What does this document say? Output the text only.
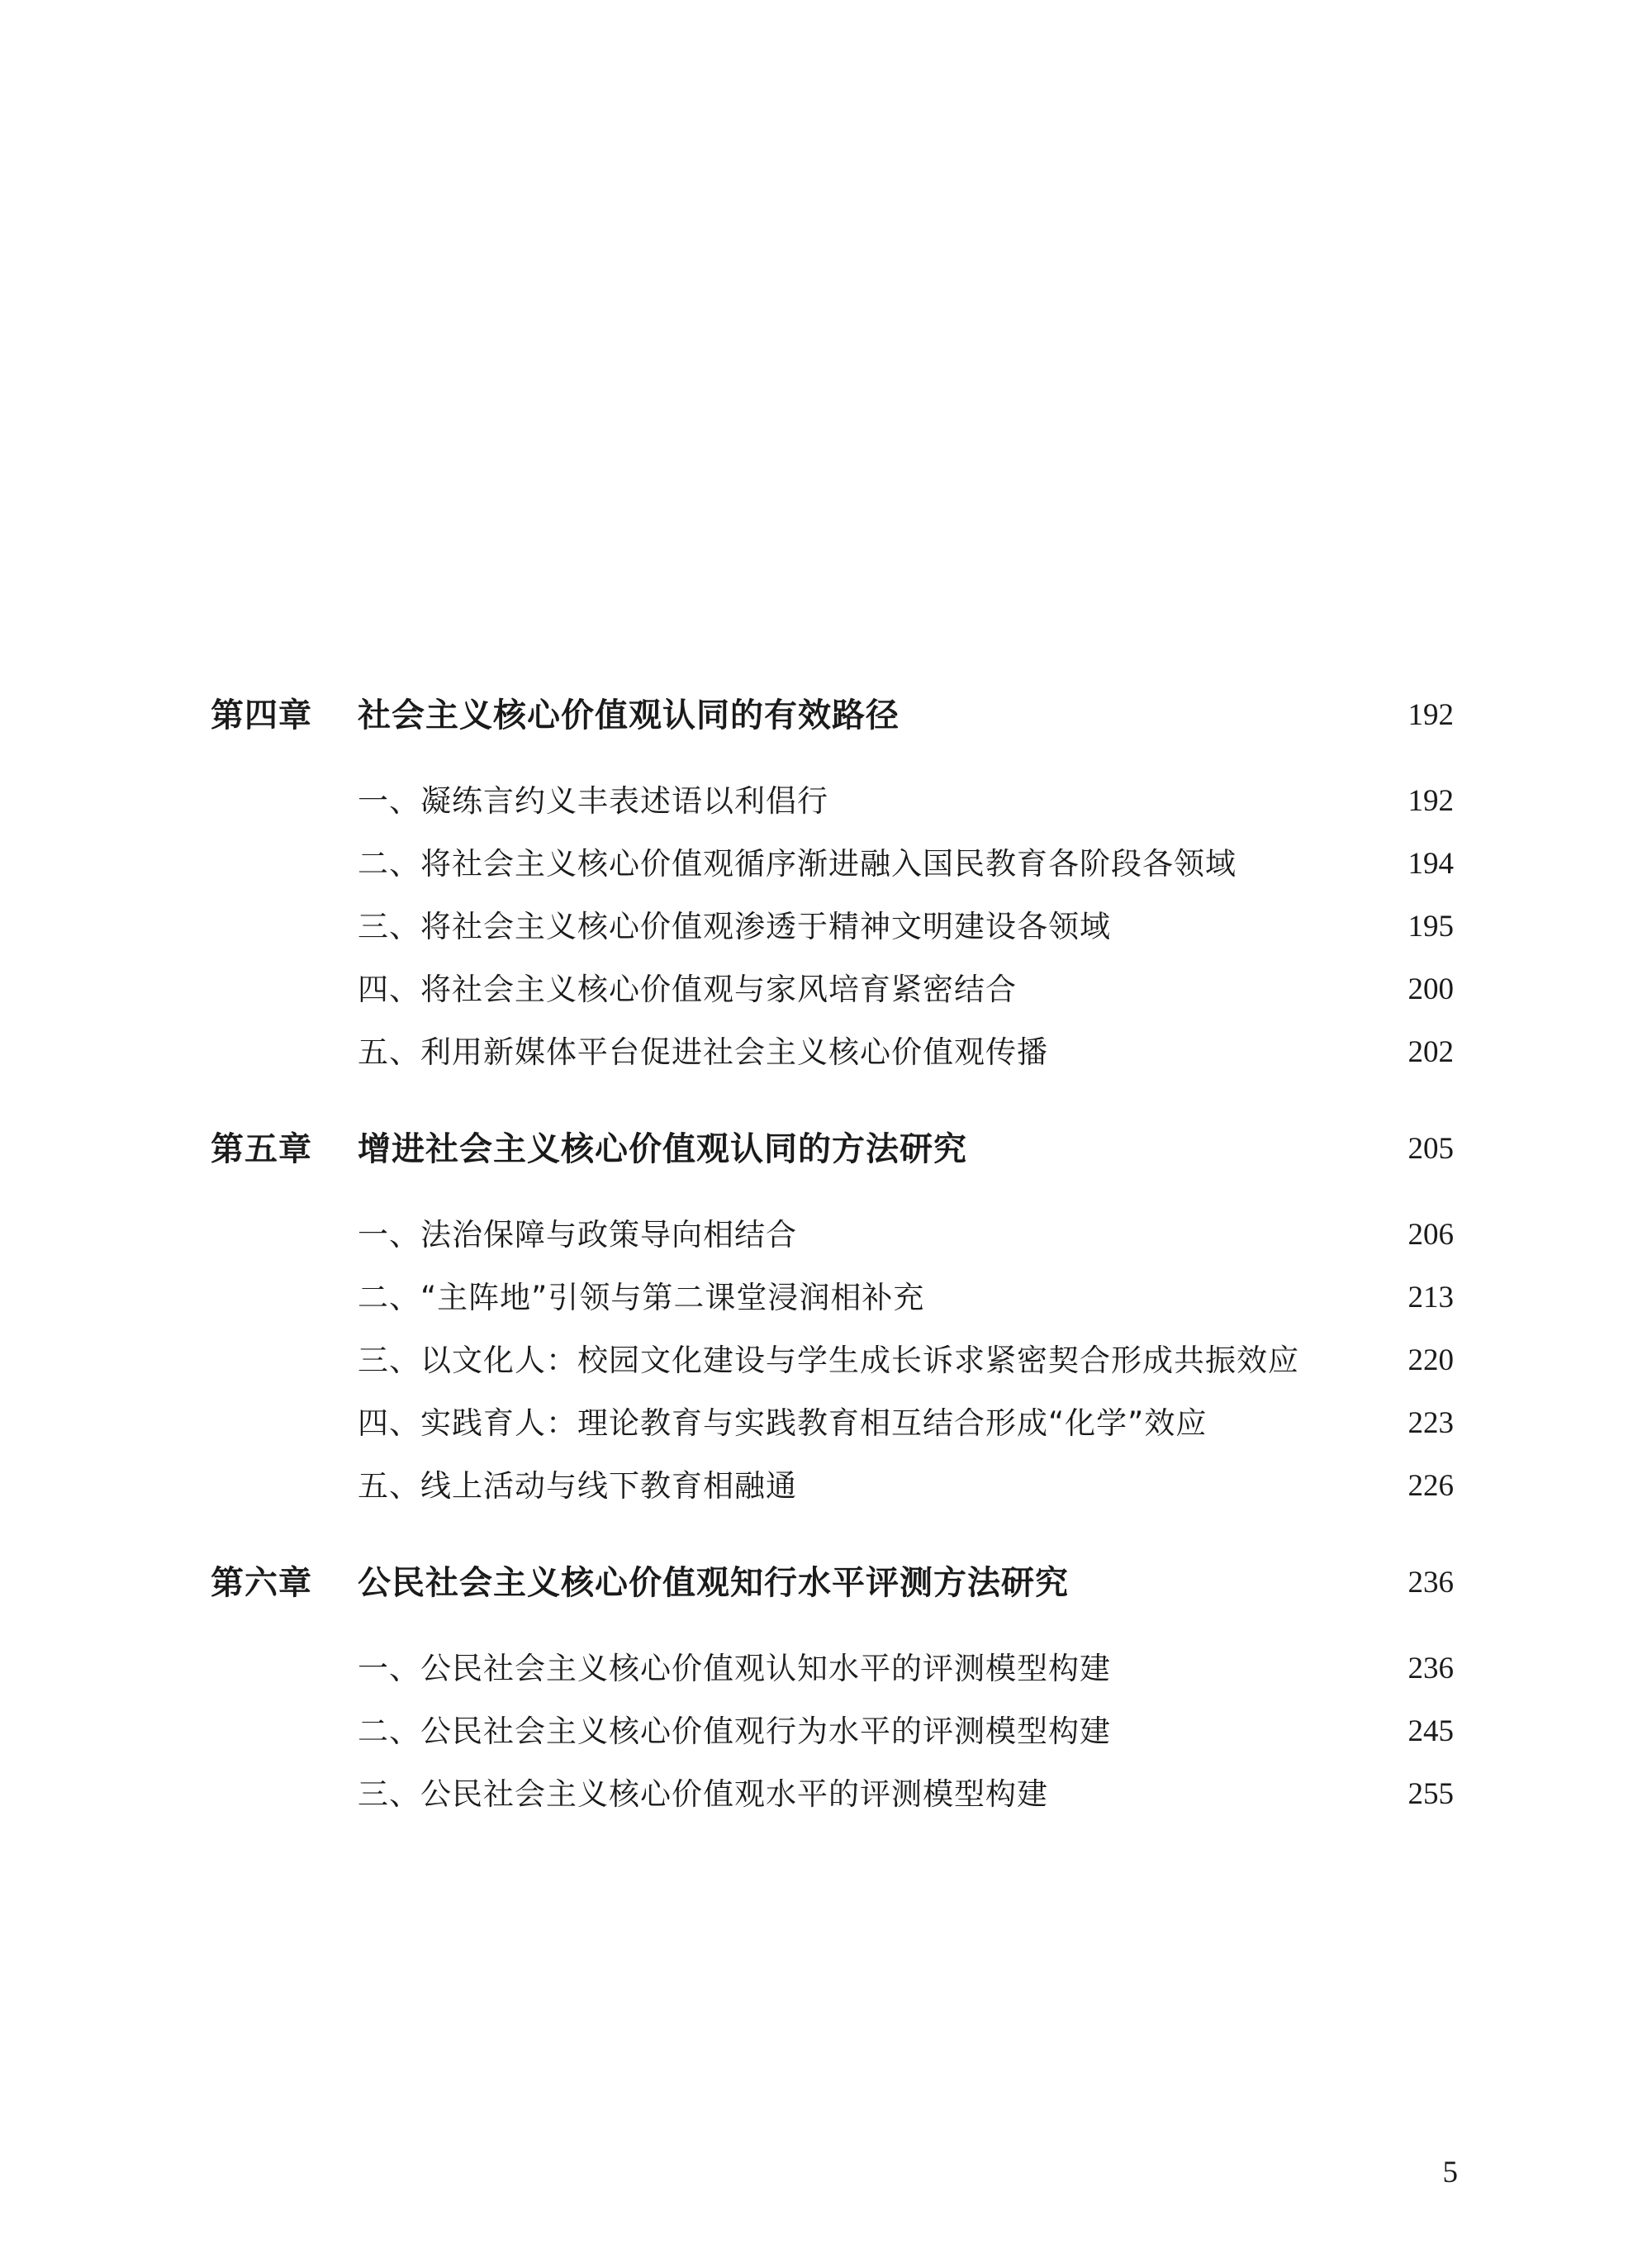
第四章 社会主义核心价值观认同的有效路径	192
一、凝练言约义丰表述语以利倡行	192
二、将社会主义核心价值观循序渐进融入国民教育各阶段各领域	194
三、将社会主义核心价值观渗透于精神文明建设各领域	195
四、将社会主义核心价值观与家风培育紧密结合	200
五、利用新媒体平台促进社会主义核心价值观传播	202
第五章 增进社会主义核心价值观认同的方法研究	205
一、法治保障与政策导向相结合	206
二、“主阵地”引领与第二课堂浸润相补充	213
三、以文化人：校园文化建设与学生成长诉求紧密契合形成共振效应	220
四、实践育人：理论教育与实践教育相互结合形成“化学”效应	223
五、线上活动与线下教育相融通	226
第六章 公民社会主义核心价值观知行水平评测方法研究	236
一、公民社会主义核心价值观认知水平的评测模型构建	236
二、公民社会主义核心价值观行为水平的评测模型构建	245
三、公民社会主义核心价值观水平的评测模型构建	255
5
